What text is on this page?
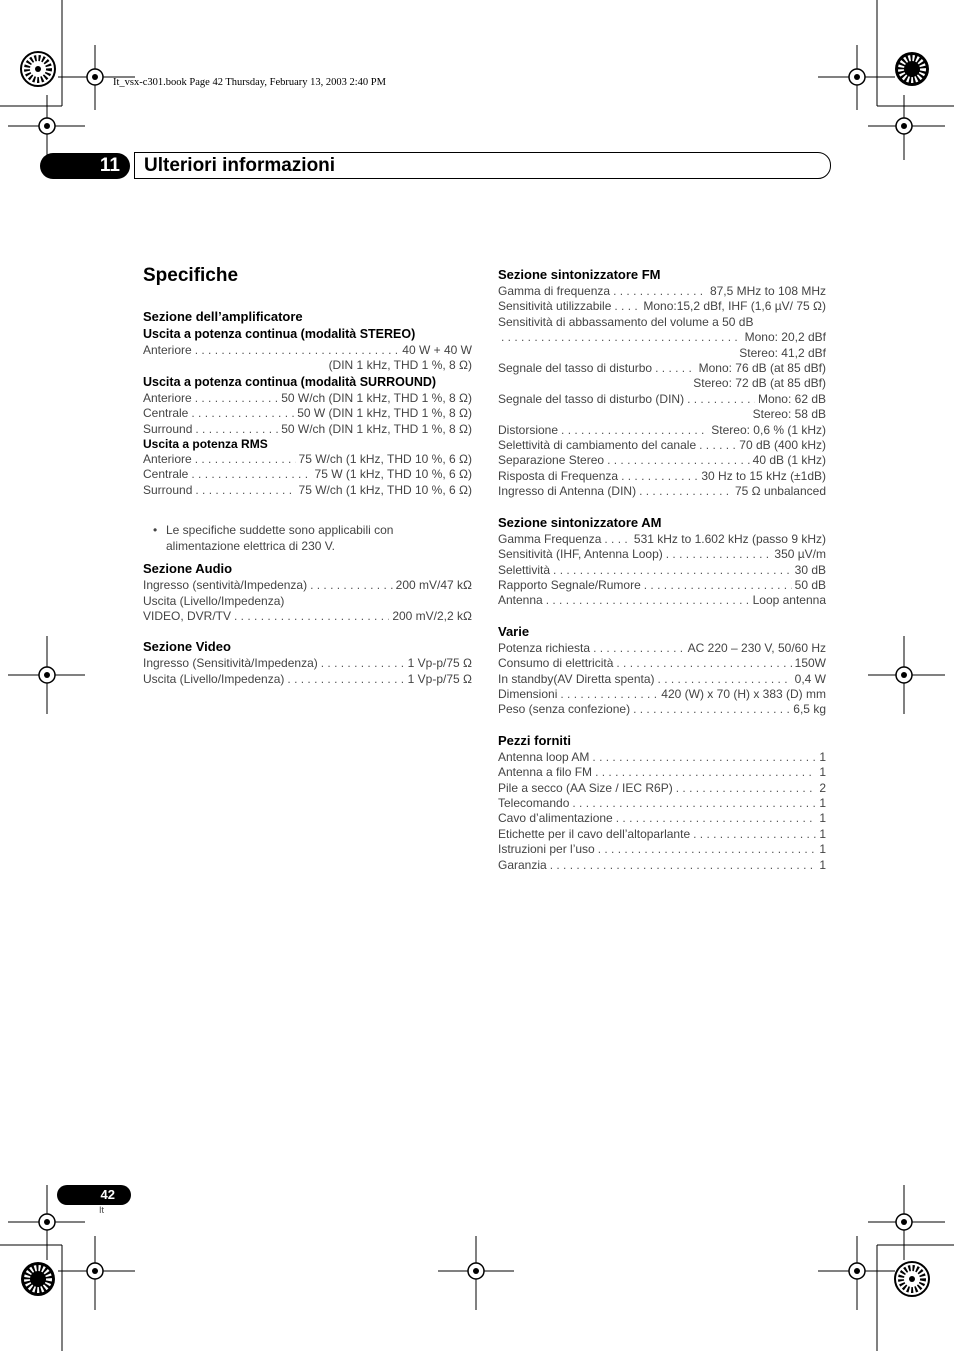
It_vsx-c301.book Page 42 Thursday, February 13, 2003 2:40 PM
11	Ulteriori informazioni
Specifiche
Sezione dell’amplificatore
Uscita a potenza continua (modalità STEREO)
Anteriore . . .	40 W + 40 W
(DIN 1 kHz, THD 1 %, 8 Ω)
Uscita a potenza continua (modalità SURROUND)
Anteriore . . .	50 W/ch (DIN 1 kHz, THD 1 %, 8 Ω)
Centrale . . .	50 W (DIN 1 kHz, THD 1 %, 8 Ω)
Surround . . .	50 W/ch (DIN 1 kHz, THD 1 %, 8 Ω)
Uscita a potenza RMS
Anteriore . . .	75 W/ch (1 kHz, THD 10 %, 6 Ω)
Centrale . . .	75 W (1 kHz, THD 10 %, 6 Ω)
Surround . . .	75 W/ch (1 kHz, THD 10 %, 6 Ω)
• Le specifiche suddette sono applicabili con
alimentazione elettrica di 230 V.
Sezione Audio
Ingresso (sentività/Impedenza) . . .	200 mV/47 kΩ
Uscita (Livello/Impedenza)
VIDEO, DVR/TV . . .	200 mV/2,2 kΩ
Sezione Video
Ingresso (Sensitività/Impedenza) . . .	1 Vp-p/75 Ω
Uscita (Livello/Impedenza) . . .	1 Vp-p/75 Ω
Sezione sintonizzatore FM
Gamma di frequenza . . .	87,5 MHz to 108 MHz
Sensitività utilizzabile . . .	Mono:15,2 dBf, IHF (1,6 µV/ 75 Ω)
Sensitività di abbassamento del volume a 50 dB
. . .
Mono: 20,2 dBf
Stereo: 41,2 dBf
Segnale del tasso di disturbo . . .	Mono: 76 dB (at 85 dBf)
Stereo: 72 dB (at 85 dBf)
Segnale del tasso di disturbo (DIN) . . .	Mono: 62 dB
Stereo: 58 dB
Distorsione . . .	Stereo: 0,6 % (1 kHz)
Selettività di cambiamento del canale . . .	70 dB (400 kHz)
Separazione Stereo . . .	40 dB (1 kHz)
Risposta di Frequenza . . .	30 Hz to 15 kHz (±1dB)
Ingresso di Antenna (DIN) . . .	75 Ω unbalanced
Sezione sintonizzatore AM
Gamma Frequenza . . .	531 kHz to 1.602 kHz (passo 9 kHz)
Sensitività (IHF, Antenna Loop) . . .	350 µV/m
Selettività . . .	30 dB
Rapporto Segnale/Rumore . . .	50 dB
Antenna . . .	Loop antenna
Varie
Potenza richiesta . . .	AC 220 – 230 V, 50/60 Hz
Consumo di elettricità . . .	150W
In standby(AV Diretta spenta) . . .	0,4 W
Dimensioni . . .	420 (W) x 70 (H) x 383 (D) mm
Peso (senza confezione) . . .	6,5 kg
Pezzi forniti
Antenna loop AM . . .	1
Antenna a filo FM . . .	1
Pile a secco (AA Size / IEC R6P) . . .	2
Telecomando . . .	1
Cavo d’alimentazione . . .	1
Etichette per il cavo dell’altoparlante . . .	1
Istruzioni per l’uso . . .	1
Garanzia . . .	1
42
It
